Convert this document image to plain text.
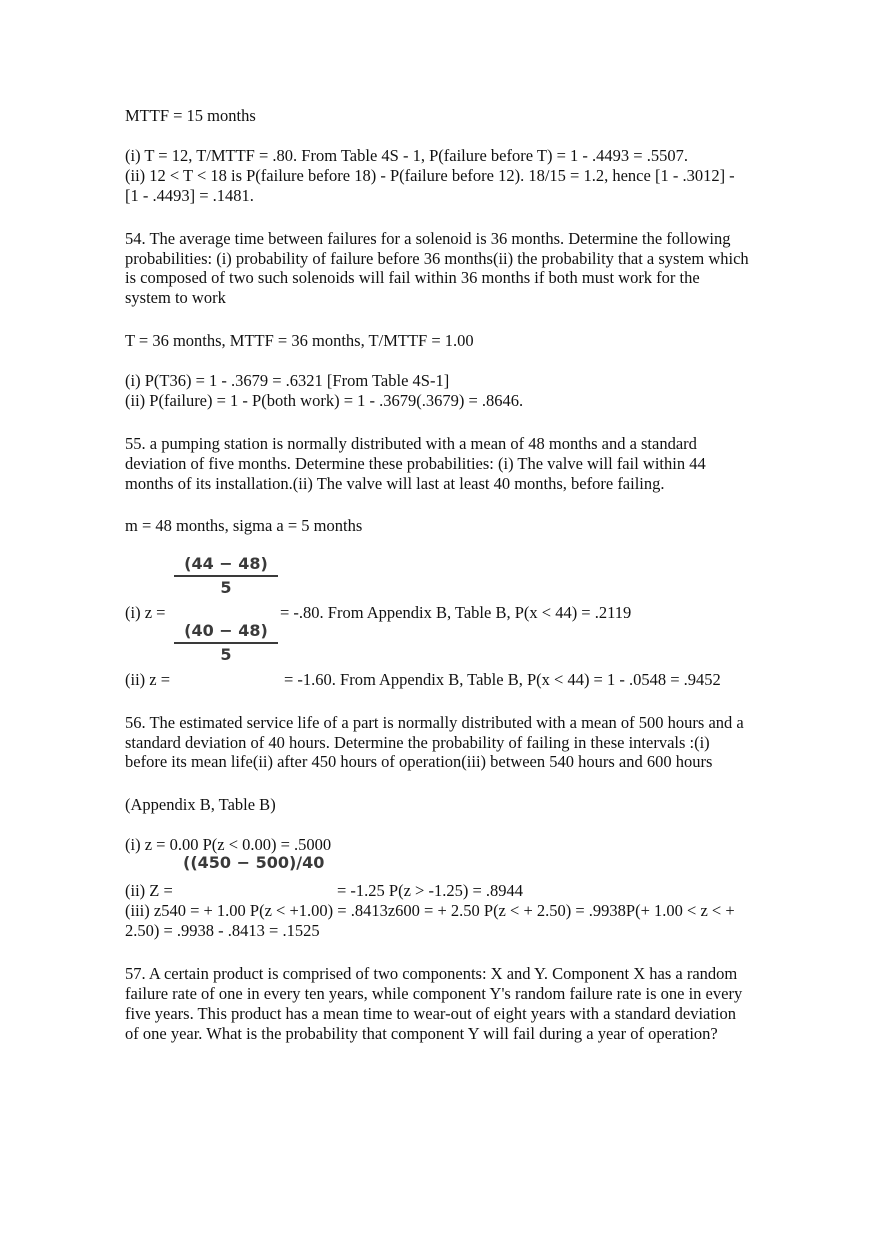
MTTF = 15 months
(i) T = 12, T/MTTF = .80. From Table 4S - 1, P(failure before T) = 1 - .4493 = .5507.
(ii) 12 < T < 18 is P(failure before 18) - P(failure before 12). 18/15 = 1.2, hence [1 - .3012] -
[1 - .4493] = .1481.
54. The average time between failures for a solenoid is 36 months. Determine the following
probabilities: (i) probability of failure before 36 months(ii) the probability that a system which
is composed of two such solenoids will fail within 36 months if both must work for the
system to work
T = 36 months, MTTF = 36 months, T/MTTF = 1.00
(i) P(T36) = 1 - .3679 = .6321 [From Table 4S-1]
(ii) P(failure) = 1 - P(both work) = 1 - .3679(.3679) = .8646.
55. a pumping station is normally distributed with a mean of 48 months and a standard
deviation of five months. Determine these probabilities: (i) The valve will fail within 44
months of its installation.(ii) The valve will last at least 40 months, before failing.
m = 48 months, sigma a = 5 months
$\frac{(44 - 48)}{5}$
(i) z =	= -.80. From Appendix B, Table B, P(x < 44) = .2119
$\frac{(40 - 48)}{5}$
(ii) z =	= -1.60. From Appendix B, Table B, P(x < 44) = 1 - .0548 = .9452
56. The estimated service life of a part is normally distributed with a mean of 500 hours and a
standard deviation of 40 hours. Determine the probability of failing in these intervals :(i)
before its mean life(ii) after 450 hours of operation(iii) between 540 hours and 600 hours
(Appendix B, Table B)
(i) z = 0.00 P(z < 0.00) = .5000
((450 − 500)/40
(ii) Z =	= -1.25 P(z > -1.25) = .8944
(iii) z540 = + 1.00 P(z < +1.00) = .8413z600 = + 2.50 P(z < + 2.50) = .9938P(+ 1.00 < z < +
2.50) = .9938 - .8413 = .1525
57. A certain product is comprised of two components: X and Y. Component X has a random
failure rate of one in every ten years, while component Y's random failure rate is one in every
five years. This product has a mean time to wear-out of eight years with a standard deviation
of one year. What is the probability that component Y will fail during a year of operation?
